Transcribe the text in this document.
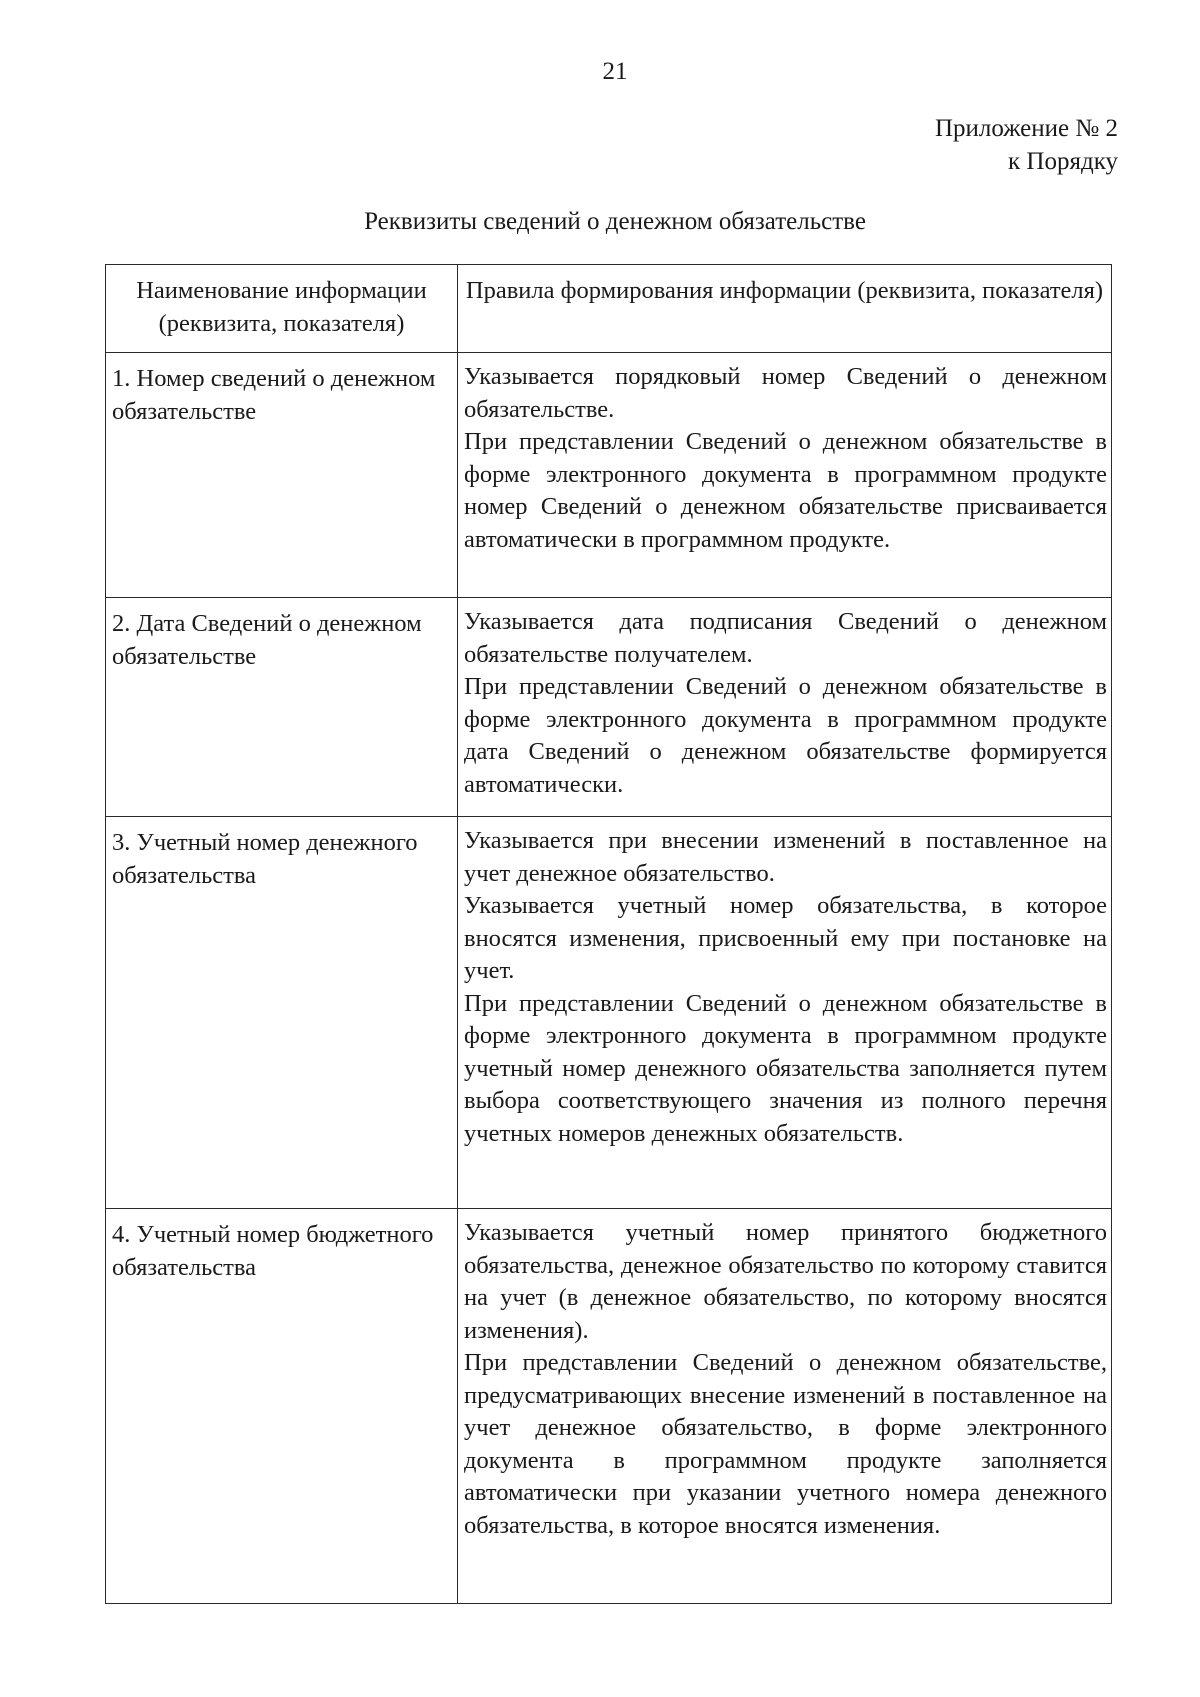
21
Приложение № 2
к Порядку
Реквизиты сведений о денежном обязательстве
Наименование информации (реквизита, показателя)	Правила формирования информации (реквизита, показателя)
1. Номер сведений о денежном обязательстве	Указывается порядковый номер Сведений о денежном обязательстве.
При представлении Сведений о денежном обязательстве в форме электронного документа в программном продукте номер Сведений о денежном обязательстве присваивается автоматически в программном продукте.

2. Дата Сведений о денежном обязательстве	Указывается дата подписания Сведений о денежном обязательстве получателем.
При представлении Сведений о денежном обязательстве в форме электронного документа в программном продукте дата Сведений о денежном обязательстве формируется автоматически.

3. Учетный номер денежного обязательства	Указывается при внесении изменений в поставленное на учет денежное обязательство.
Указывается учетный номер обязательства, в которое вносятся изменения, присвоенный ему при постановке на учет.
При представлении Сведений о денежном обязательстве в форме электронного документа в программном продукте учетный номер денежного обязательства заполняется путем выбора соответствующего значения из полного перечня учетных номеров денежных обязательств.

4. Учетный номер бюджетного обязательства	Указывается учетный номер принятого бюджетного обязательства, денежное обязательство по которому ставится на учет (в денежное обязательство, по которому вносятся изменения).
При представлении Сведений о денежном обязательстве, предусматривающих внесение изменений в поставленное на учет денежное обязательство, в форме электронного документа в программном продукте заполняется автоматически при указании учетного номера денежного обязательства, в которое вносятся изменения.
